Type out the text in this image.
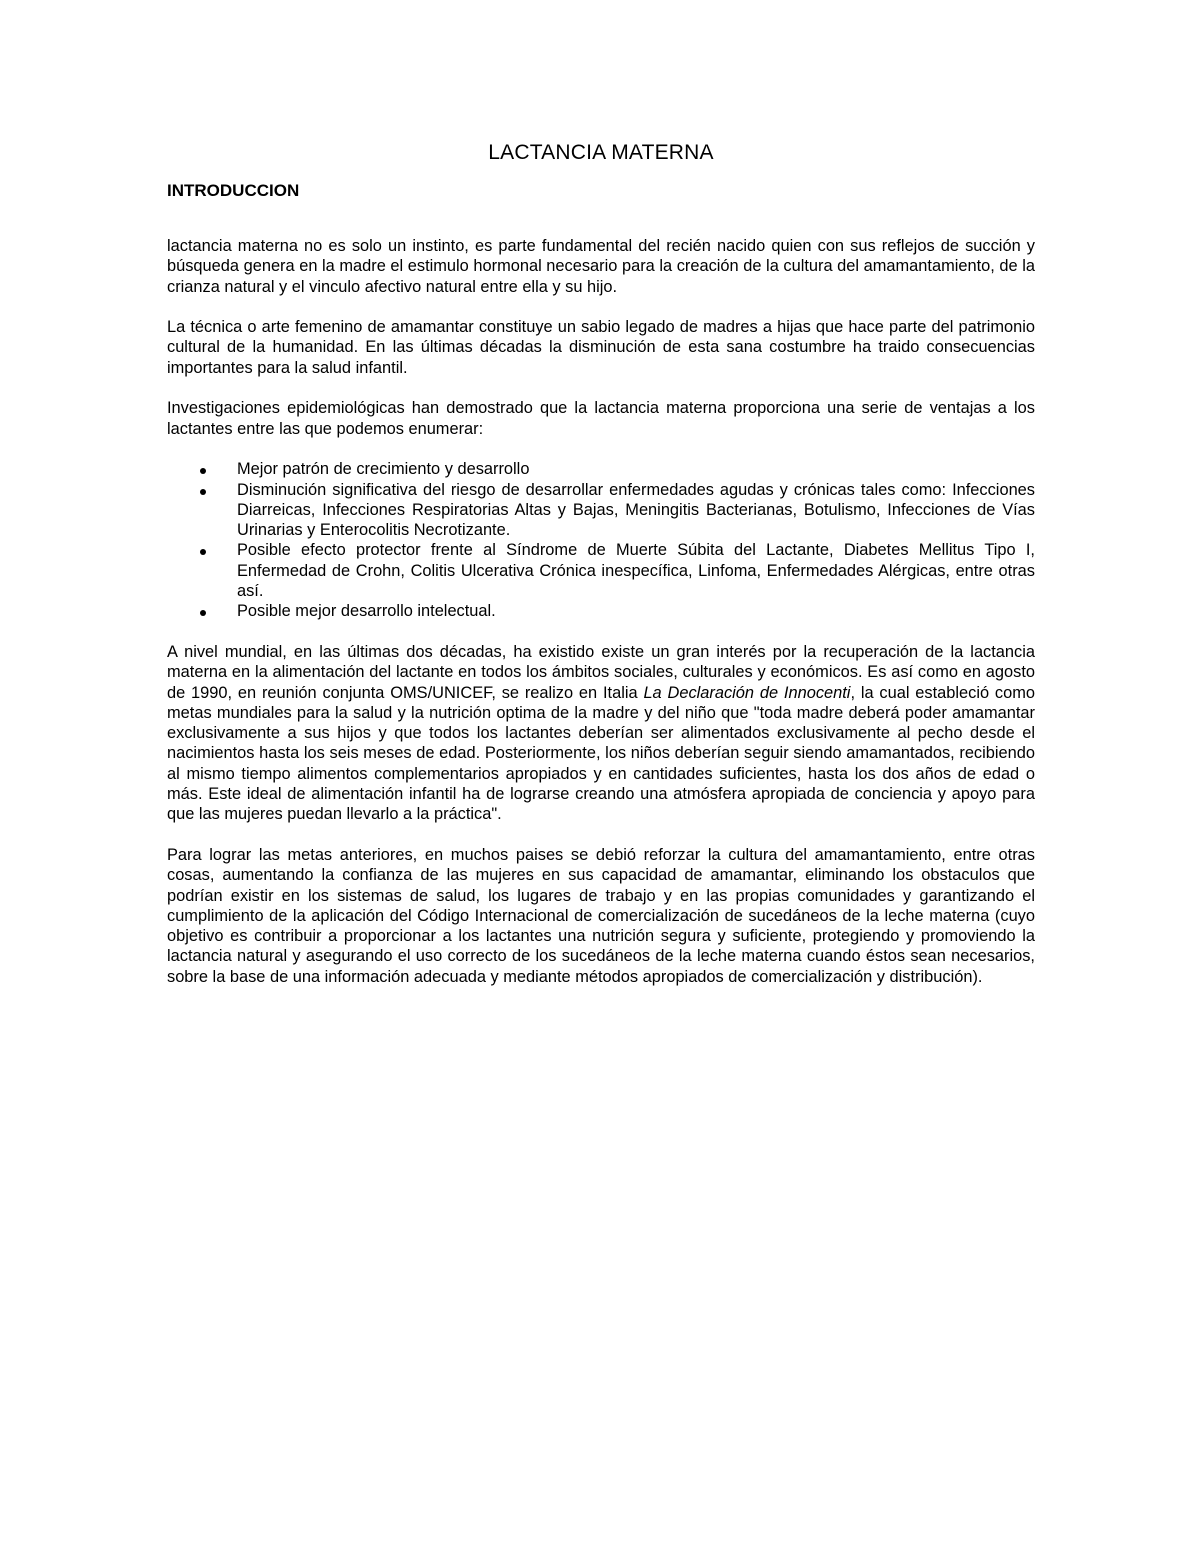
LACTANCIA MATERNA
INTRODUCCION

lactancia materna no es solo un instinto, es parte fundamental del recién nacido quien con sus reflejos de succión y búsqueda genera en la madre el estimulo hormonal necesario para la creación de la cultura del amamantamiento, de la crianza natural y el vinculo afectivo natural entre ella y su hijo.

La técnica o arte femenino de amamantar constituye un sabio legado de madres a hijas que hace parte del patrimonio cultural de la humanidad. En las últimas décadas la disminución de esta sana costumbre ha traido consecuencias importantes para la salud infantil.

Investigaciones epidemiológicas han demostrado que la lactancia materna proporciona una serie de ventajas a los lactantes entre las que podemos enumerar:

Mejor patrón de crecimiento y desarrollo
Disminución significativa del riesgo de desarrollar enfermedades agudas y crónicas tales como: Infecciones Diarreicas, Infecciones Respiratorias Altas y Bajas, Meningitis Bacterianas, Botulismo, Infecciones de Vías Urinarias y Enterocolitis Necrotizante.
Posible efecto protector frente al Síndrome de Muerte Súbita del Lactante, Diabetes Mellitus Tipo I, Enfermedad de Crohn, Colitis Ulcerativa Crónica inespecífica, Linfoma, Enfermedades Alérgicas, entre otras así.
Posible mejor desarrollo intelectual.

A nivel mundial, en las últimas dos décadas, ha existido existe un gran interés por la recuperación de la lactancia materna en la alimentación del lactante en todos los ámbitos sociales, culturales y económicos. Es así como en agosto de 1990, en reunión conjunta OMS/UNICEF, se realizo en Italia La Declaración de Innocenti, la cual estableció como metas mundiales para la salud y la nutrición optima de la madre y del niño que "toda madre deberá poder amamantar exclusivamente a sus hijos y que todos los lactantes deberían ser alimentados exclusivamente al pecho desde el nacimientos hasta los seis meses de edad. Posteriormente, los niños deberían seguir siendo amamantados, recibiendo al mismo tiempo alimentos complementarios apropiados y en cantidades suficientes, hasta los dos años de edad o más. Este ideal de alimentación infantil ha de lograrse creando una atmósfera apropiada de conciencia y apoyo para que las mujeres puedan llevarlo a la práctica".

Para lograr las metas anteriores, en muchos paises se debió reforzar la cultura del amamantamiento, entre otras cosas, aumentando la confianza de las mujeres en sus capacidad de amamantar, eliminando los obstaculos que podrían existir en los sistemas de salud, los lugares de trabajo y en las propias comunidades y garantizando el cumplimiento de la aplicación del Código Internacional de comercialización de sucedáneos de la leche materna (cuyo objetivo es contribuir a proporcionar a los lactantes una nutrición segura y suficiente, protegiendo y promoviendo la lactancia natural y asegurando el uso correcto de los sucedáneos de la leche materna cuando éstos sean necesarios, sobre la base de una información adecuada y mediante métodos apropiados de comercialización y distribución).
